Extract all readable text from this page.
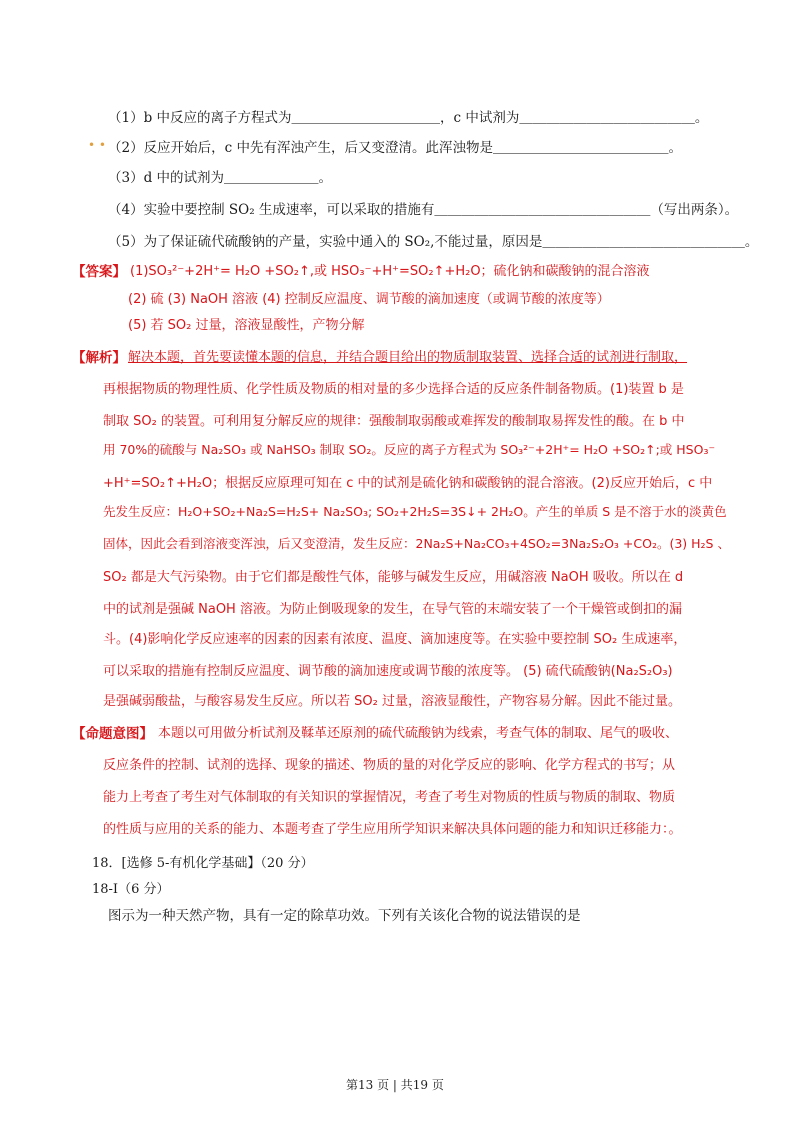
• •
（1）b 中反应的离子方程式为＿＿＿＿＿＿＿＿＿＿＿，c 中试剂为＿＿＿＿＿＿＿＿＿＿＿＿＿。
（2）反应开始后，c 中先有浑浊产生，后又变澄清。此浑浊物是＿＿＿＿＿＿＿＿＿＿＿＿＿。
（3）d 中的试剂为＿＿＿＿＿＿＿。
（4）实验中要控制 SO₂ 生成速率，可以采取的措施有＿＿＿＿＿＿＿＿＿＿＿＿＿＿＿＿（写出两条）。
（5）为了保证硫代硫酸钠的产量，实验中通入的 SO₂,不能过量，原因是＿＿＿＿＿＿＿＿＿＿＿＿＿＿＿。
【答案】 (1)SO₃²⁻+2H⁺= H₂O +SO₂↑,或 HSO₃⁻+H⁺=SO₂↑+H₂O；硫化钠和碳酸钠的混合溶液
(2) 硫 (3) NaOH 溶液 (4) 控制反应温度、调节酸的滴加速度（或调节酸的浓度等）
(5) 若 SO₂ 过量，溶液显酸性，产物分解
【解析】 解决本题，首先要读懂本题的信息，并结合题目给出的物质制取装置、选择合适的试剂进行制取，
再根据物质的物理性质、化学性质及物质的相对量的多少选择合适的反应条件制备物质。(1)装置 b 是
制取 SO₂ 的装置。可利用复分解反应的规律：强酸制取弱酸或难挥发的酸制取易挥发性的酸。在 b 中
用 70%的硫酸与 Na₂SO₃ 或 NaHSO₃ 制取 SO₂。反应的离子方程式为 SO₃²⁻+2H⁺= H₂O +SO₂↑;或 HSO₃⁻
+H⁺=SO₂↑+H₂O；根据反应原理可知在 c 中的试剂是硫化钠和碳酸钠的混合溶液。(2)反应开始后，c 中
先发生反应：H₂O+SO₂+Na₂S=H₂S+ Na₂SO₃; SO₂+2H₂S=3S↓+ 2H₂O。产生的单质 S 是不溶于水的淡黄色
固体，因此会看到溶液变浑浊，后又变澄清，发生反应：2Na₂S+Na₂CO₃+4SO₂=3Na₂S₂O₃ +CO₂。(3) H₂S 、
SO₂ 都是大气污染物。由于它们都是酸性气体，能够与碱发生反应，用碱溶液 NaOH 吸收。所以在 d
中的试剂是强碱 NaOH 溶液。为防止倒吸现象的发生，在导气管的末端安装了一个干燥管或倒扣的漏
斗。(4)影响化学反应速率的因素的因素有浓度、温度、滴加速度等。在实验中要控制 SO₂ 生成速率，
可以采取的措施有控制反应温度、调节酸的滴加速度或调节酸的浓度等。 (5) 硫代硫酸钠(Na₂S₂O₃)
是强碱弱酸盐，与酸容易发生反应。所以若 SO₂ 过量，溶液显酸性，产物容易分解。因此不能过量。
【命题意图】 本题以可用做分析试剂及鞣革还原剂的硫代硫酸钠为线索，考查气体的制取、尾气的吸收、
反应条件的控制、试剂的选择、现象的描述、物质的量的对化学反应的影响、化学方程式的书写；从
能力上考查了考生对气体制取的有关知识的掌握情况，考查了考生对物质的性质与物质的制取、物质
的性质与应用的关系的能力、本题考查了学生应用所学知识来解决具体问题的能力和知识迁移能力：。
18．[选修 5-有机化学基础】（20 分）
18-I（6 分）
图示为一种天然产物，具有一定的除草功效。下列有关该化合物的说法错误的是
第13 页 | 共19 页
